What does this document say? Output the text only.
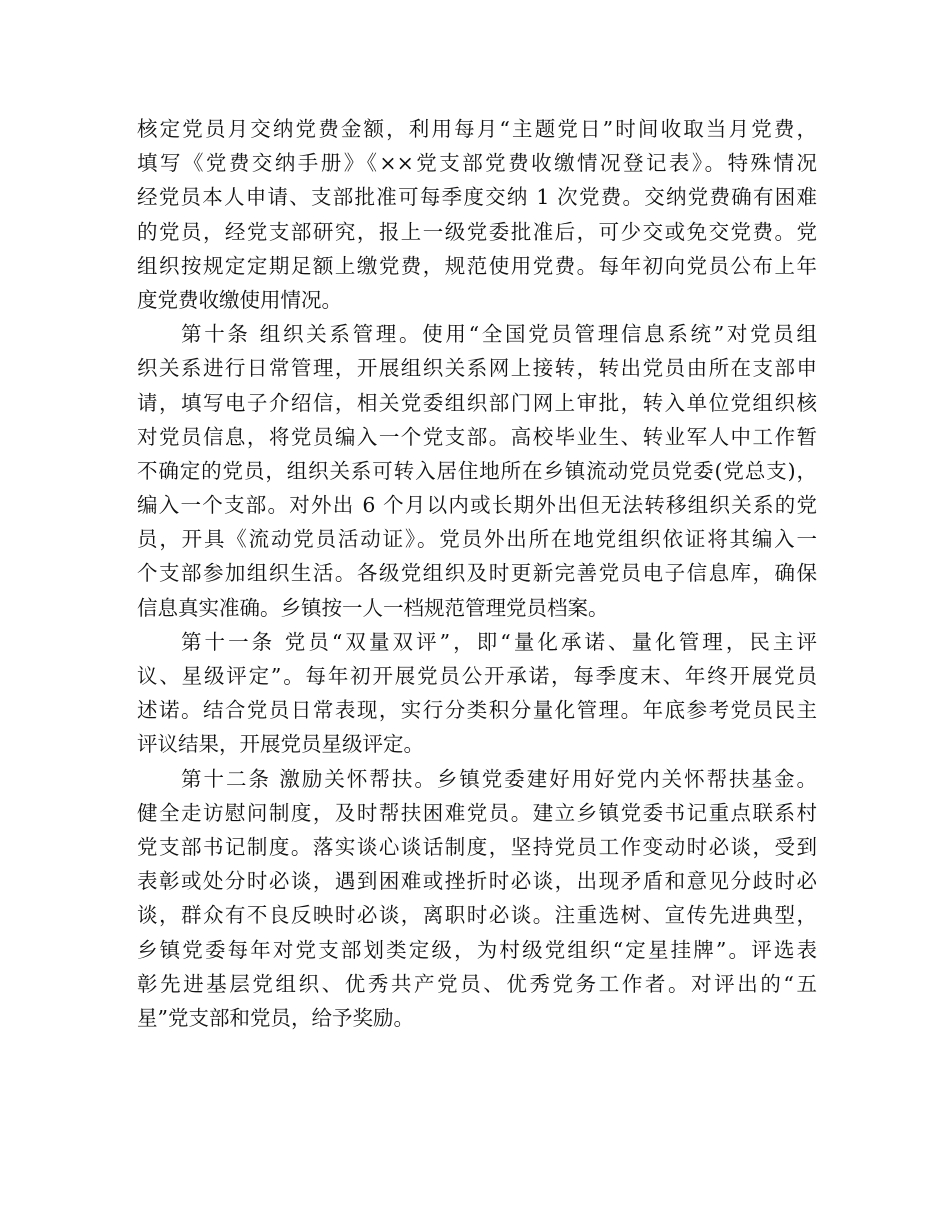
核定党员月交纳党费金额，利用每月“主题党日”时间收取当月党费，
填写《党费交纳手册》《××党支部党费收缴情况登记表》。特殊情况
经党员本人申请、支部批准可每季度交纳 1 次党费。交纳党费确有困难
的党员，经党支部研究，报上一级党委批准后，可少交或免交党费。党
组织按规定定期足额上缴党费，规范使用党费。每年初向党员公布上年
度党费收缴使用情况。
第十条 组织关系管理。使用“全国党员管理信息系统”对党员组
织关系进行日常管理，开展组织关系网上接转，转出党员由所在支部申
请，填写电子介绍信，相关党委组织部门网上审批，转入单位党组织核
对党员信息，将党员编入一个党支部。高校毕业生、转业军人中工作暂
不确定的党员，组织关系可转入居住地所在乡镇流动党员党委(党总支)，
编入一个支部。对外出 6 个月以内或长期外出但无法转移组织关系的党
员，开具《流动党员活动证》。党员外出所在地党组织依证将其编入一
个支部参加组织生活。各级党组织及时更新完善党员电子信息库，确保
信息真实准确。乡镇按一人一档规范管理党员档案。
第十一条 党员“双量双评”，即“量化承诺、量化管理，民主评
议、星级评定”。每年初开展党员公开承诺，每季度末、年终开展党员
述诺。结合党员日常表现，实行分类积分量化管理。年底参考党员民主
评议结果，开展党员星级评定。
第十二条 激励关怀帮扶。乡镇党委建好用好党内关怀帮扶基金。
健全走访慰问制度，及时帮扶困难党员。建立乡镇党委书记重点联系村
党支部书记制度。落实谈心谈话制度，坚持党员工作变动时必谈，受到
表彰或处分时必谈，遇到困难或挫折时必谈，出现矛盾和意见分歧时必
谈，群众有不良反映时必谈，离职时必谈。注重选树、宣传先进典型，
乡镇党委每年对党支部划类定级，为村级党组织“定星挂牌”。评选表
彰先进基层党组织、优秀共产党员、优秀党务工作者。对评出的“五
星”党支部和党员，给予奖励。
